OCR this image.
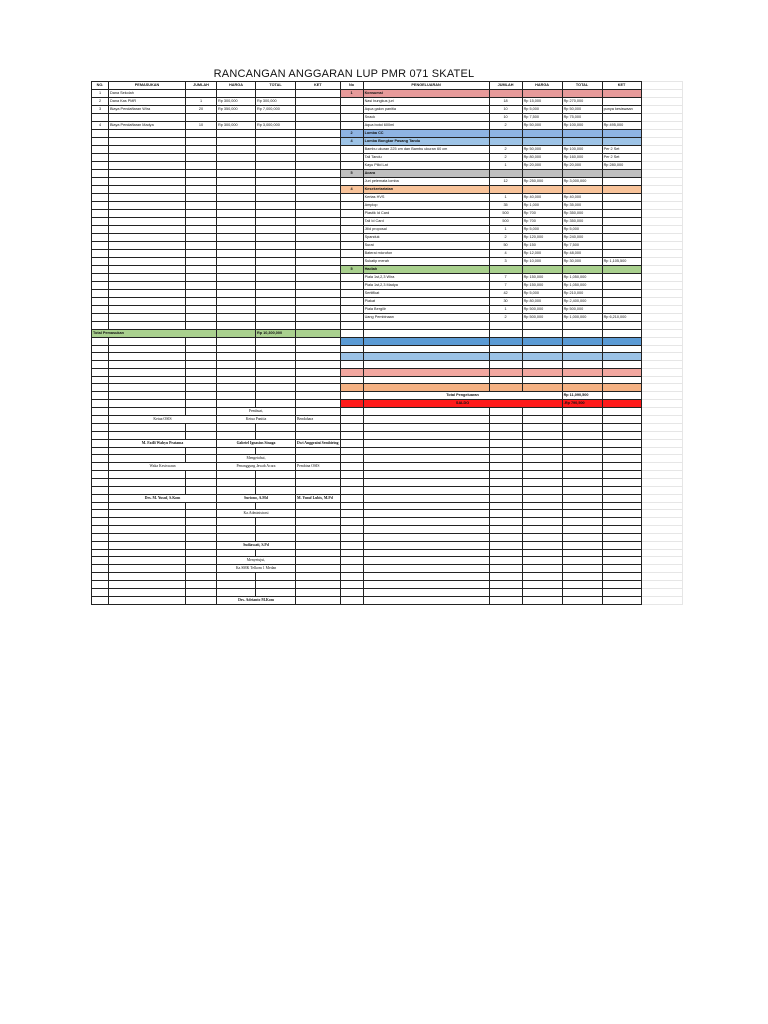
RANCANGAN ANGGARAN LUP PMR 071 SKATEL
NO.	PEMASUKAN	JUMLAH	HARGA	TOTAL	KET	No	PENGELUARAN	JUMLAH	HARGA	TOTAL	KET	
1	Dana Sekolah					1	Konsumsi					
2	Dana Kas PMR	1	Rp 300,000	Rp 300,000			Nasi bungkus juri	18	Rp 15,000	Rp 270,000		
3	Biaya Pendaftaran Wira	20	Rp 350,000	Rp 7,000,000			Aqua galon panitia	10	Rp 5,000	Rp 50,000	punya kesiswaan	
							Snack	10	Rp 7,500	Rp 75,000		
4	Biaya Pendaftaran Madya	10	Rp 300,000	Rp 3,000,000			Aqua botol 600ml	2	Rp 50,000	Rp 100,000	Rp 495,000	
						2	Lomba CC					
						4	Lomba Bongkar Pasang Tandu					
							Bambu ukuran 225 cm dan Bambu ukuran 60 cm	2	Rp 50,000	Rp 100,000	Per 2 Set	
							Tali Tandu	2	Rp 80,000	Rp 160,000	Per 2 Set	
							Kayu Pilid Lat	1	Rp 20,000	Rp 20,000	Rp 280,000	
						5	Acara					
							Juri pelemata lomba	12	Rp 250,000	Rp 3,000,000		
						4	Kesekretariatan					
							Kertas HVS	1	Rp 40,000	Rp 40,000		
							Amplop	35	Rp 1,000	Rp 35,000		
							Plastik Id Card	500	Rp 700	Rp 350,000		
							Tali Id Card	500	Rp 700	Rp 350,000		
							Jilid proposal	1	Rp 5,000	Rp 5,000		
							Spanduk	2	Rp 120,000	Rp 240,000		
							Surat	50	Rp 150	Rp 7,500		
							Baterai microfon	4	Rp 12,000	Rp 48,000		
							Sukatip merah	3	Rp 10,000	Rp 30,000	Rp 1,105,500	
						5	Hadiah					
							Piala 1st,2,3 Wira	7	Rp 150,000	Rp 1,050,000		
							Piala 1st,2,3 Madya	7	Rp 150,000	Rp 1,050,000		
							Sertifikat	42	Rp 5,000	Rp 210,000		
							Piakat	30	Rp 80,000	Rp 2,400,000		
							Piala Bergilir	1	Rp 500,000	Rp 500,000		
							Uang Pembinaan	2	Rp 500,000	Rp 1,000,000	Rp 6,210,000	

Total Pemasukan				Rp 10,300,000								

							Total Pengeluaran			Rp 11,090,500		
							SALDO			-Rp 790,500		
			Pembuat,									
	Ketua OSIS		Ketua Panitia		Bendahara							

	M. Fadli Wahyu Pratama		Gabriel Ignasius Sinaga		Dwi Anggraini Sembiring							

			Mengetahui,									
	Waka Kesiswaan		Penanggung Jawab Acara		Pembina OSIS							

	Drs. M. Yusuf, S.Kom		Suriono, A.Md		M. Yusuf Lubis, M.Pd							

			Ka.Administrasi									

			Sudiawati, S.Pd									

			Menyetujui,									
			Ka.SMK Telkom 1 Medan									

			Drs. Adrianto M.Kom									
